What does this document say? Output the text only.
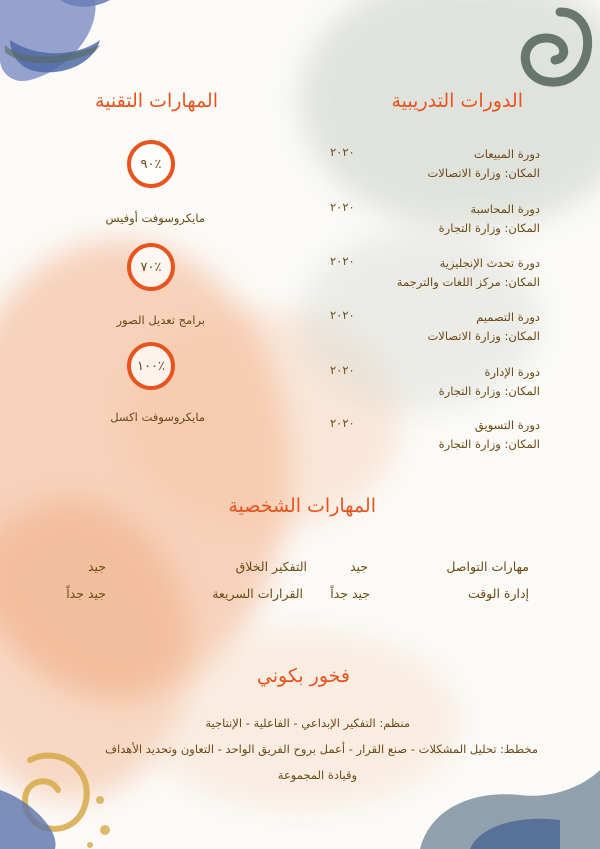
الدورات التدريبية
دورة المبيعات
المكان: وزارة الاتصالات
٢٠٢٠
دورة المحاسبة
المكان: وزارة التجارة
٢٠٢٠
دورة تحدث الإنجليزية
المكان: مركز اللغات والترجمة
٢٠٢٠
دورة التصميم
المكان: وزارة الاتصالات
٢٠٢٠
دورة الإدارة
المكان: وزارة التجارة
٢٠٢٠
دورة التسويق
المكان: وزارة التجارة
٢٠٢٠
المهارات التقنية
٪٩٠
مايكروسوفت أوفيس
٪٧٠
برامج تعديل الصور
٪١٠٠
مايكروسوفت اكسل
المهارات الشخصية
مهارات التواصل
جيد
التفكير الخلاق
جيد
إدارة الوقت
جيد جداً
القرارات السريعة
جيد جداً
فخور بكوني
منظم: التفكير الإبداعي - الفاعلية - الإنتاجية
مخطط: تحليل المشكلات - صنع القرار - أعمل بروح الفريق الواحد - التعاون وتحديد الأهداف
وقيادة المجموعة
